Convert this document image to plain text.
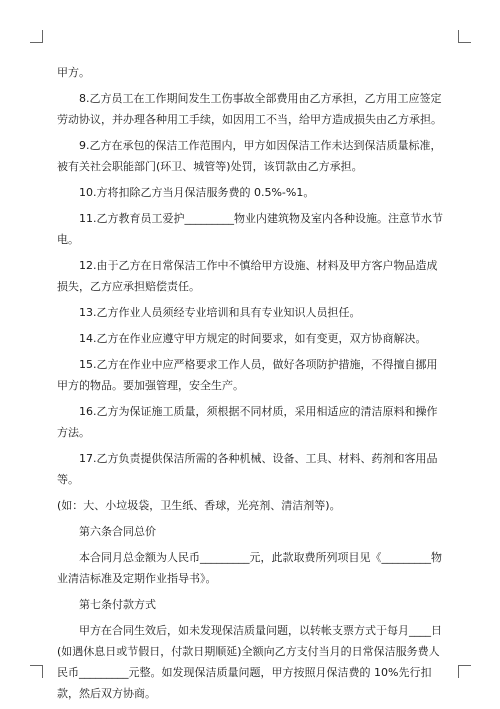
甲方。

8.乙方员工在工作期间发生工伤事故全部费用由乙方承担，乙方用工应签定劳动协议，并办理各种用工手续，如因用工不当，给甲方造成损失由乙方承担。

9.乙方在承包的保洁工作范围内，甲方如因保洁工作未达到保洁质量标准，被有关社会职能部门(环卫、城管等)处罚，该罚款由乙方承担。

10.方将扣除乙方当月保洁服务费的 0.5%-%1。

11.乙方教育员工爱护_________物业内建筑物及室内各种设施。注意节水节电。

12.由于乙方在日常保洁工作中不慎给甲方设施、材料及甲方客户物品造成损失，乙方应承担赔偿责任。

13.乙方作业人员须经专业培训和具有专业知识人员担任。

14.乙方在作业应遵守甲方规定的时间要求，如有变更，双方协商解决。

15.乙方在作业中应严格要求工作人员，做好各项防护措施，不得擅自挪用甲方的物品。要加强管理，安全生产。

16.乙方为保证施工质量，须根据不同材质，采用相适应的清洁原料和操作方法。

17.乙方负责提供保洁所需的各种机械、设备、工具、材料、药剂和客用品等。

(如：大、小垃圾袋，卫生纸、香球，光亮剂、清洁剂等)。

第六条合同总价

本合同月总金额为人民币_________元，此款取费所列项目见《_________物业清洁标准及定期作业指导书》。

第七条付款方式

甲方在合同生效后，如未发现保洁质量问题，以转帐支票方式于每月____日(如遇休息日或节假日，付款日期顺延)全额向乙方支付当月的日常保洁服务费人民币_________元整。如发现保洁质量问题，甲方按照月保洁费的 10%先行扣款，然后双方协商。
